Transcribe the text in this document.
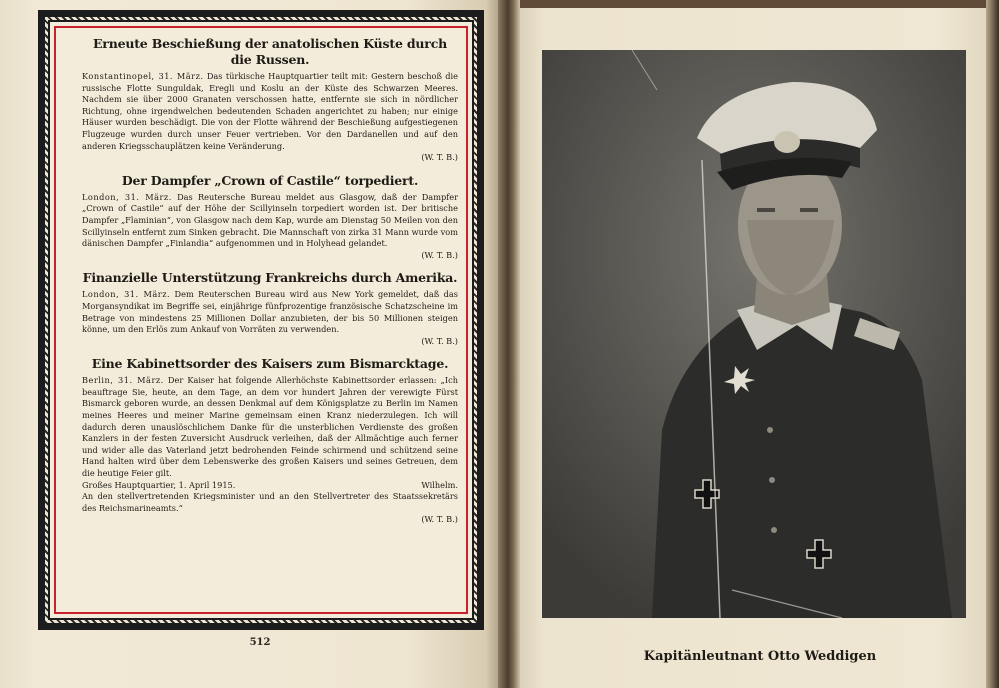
Erneute Beschießung der anatolischen Küste durch die Russen.

Konstantinopel, 31. März. Das türkische Hauptquartier teilt mit: Gestern beschoß die russische Flotte Sunguldak, Eregli und Koslu an der Küste des Schwarzen Meeres. Nachdem sie über 2000 Granaten verschossen hatte, entfernte sie sich in nördlicher Richtung, ohne irgendwelchen bedeutenden Schaden angerichtet zu haben; nur einige Häuser wurden beschädigt. Die von der Flotte während der Beschießung aufgestiegenen Flugzeuge wurden durch unser Feuer vertrieben. Vor den Dardanellen und auf den anderen Kriegsschauplätzen keine Veränderung.

(W. T. B.)

Der Dampfer „Crown of Castile“ torpediert.

London, 31. März. Das Reutersche Bureau meldet aus Glasgow, daß der Dampfer „Crown of Castile“ auf der Höhe der Scillyinseln torpediert worden ist. Der britische Dampfer „Flaminian“, von Glasgow nach dem Kap, wurde am Dienstag 50 Meilen von den Scillyinseln entfernt zum Sinken gebracht. Die Mannschaft von zirka 31 Mann wurde vom dänischen Dampfer „Finlandia“ aufgenommen und in Holyhead gelandet.

(W. T. B.)

Finanzielle Unterstützung Frankreichs durch Amerika.

London, 31. März. Dem Reuterschen Bureau wird aus New York gemeldet, daß das Morgansyndikat im Begriffe sei, einjährige fünfprozentige französische Schatzscheine im Betrage von mindestens 25 Millionen Dollar anzubieten, der bis 50 Millionen steigen könne, um den Erlös zum Ankauf von Vorräten zu verwenden.

(W. T. B.)

Eine Kabinettsorder des Kaisers zum Bismarcktage.

Berlin, 31. März. Der Kaiser hat folgende Allerhöchste Kabinettsorder erlassen: „Ich beauftrage Sie, heute, an dem Tage, an dem vor hundert Jahren der verewigte Fürst Bismarck geboren wurde, an dessen Denkmal auf dem Königsplatze zu Berlin im Namen meines Heeres und meiner Marine gemeinsam einen Kranz niederzulegen. Ich will dadurch deren unauslöschlichem Danke für die unsterblichen Verdienste des großen Kanzlers in der festen Zuversicht Ausdruck verleihen, daß der Allmächtige auch ferner und wider alle das Vaterland jetzt bedrohenden Feinde schirmend und schützend seine Hand halten wird über dem Lebenswerke des großen Kaisers und seines Getreuen, dem die heutige Feier gilt.

Großes Hauptquartier, 1. April 1915.	Wilhelm.

An den stellvertretenden Kriegsminister und an den Stellvertreter des Staatssekretärs des Reichsmarineamts.“

(W. T. B.)

512
Kapitänleutnant Otto Weddigen
